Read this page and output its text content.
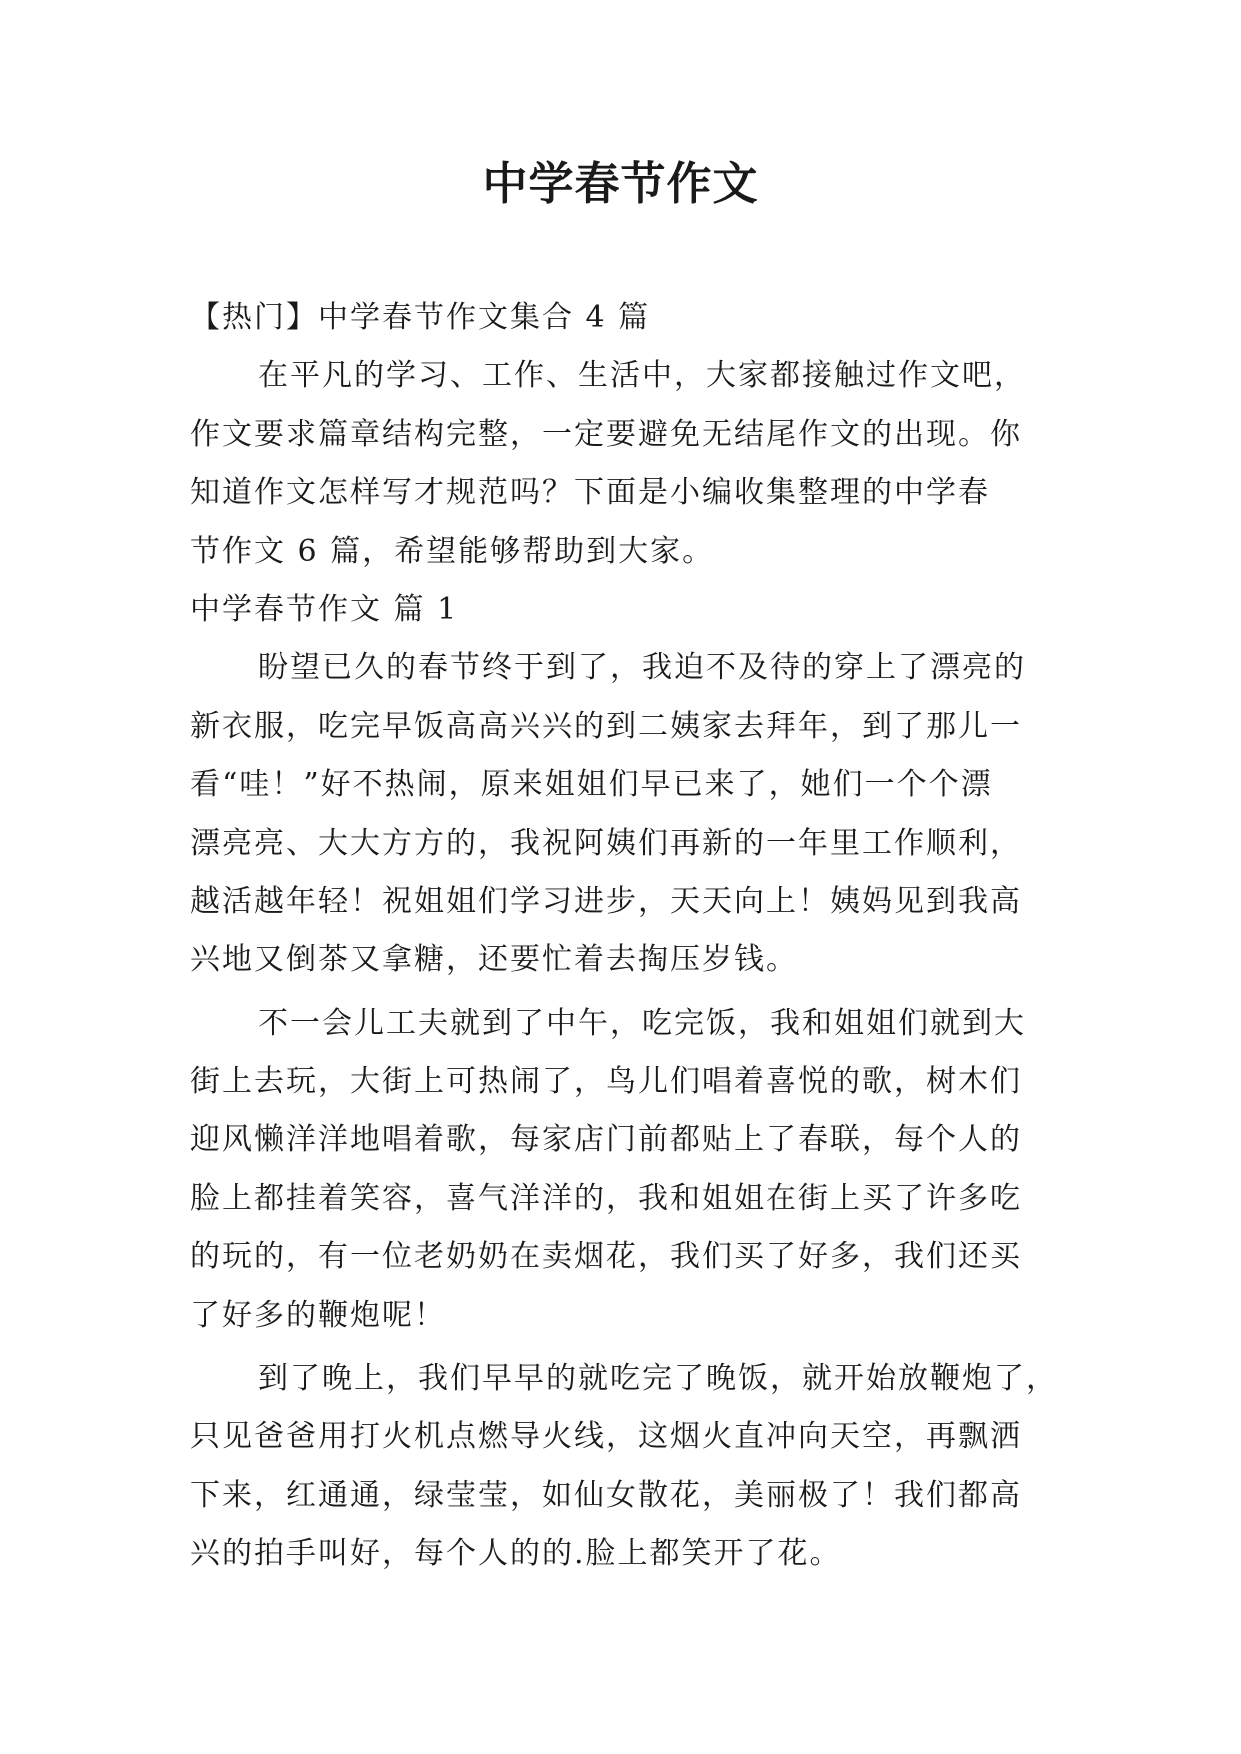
中学春节作文
【热门】中学春节作文集合 4 篇
在平凡的学习、工作、生活中，大家都接触过作文吧，
作文要求篇章结构完整，一定要避免无结尾作文的出现。你
知道作文怎样写才规范吗？下面是小编收集整理的中学春
节作文 6 篇，希望能够帮助到大家。
中学春节作文 篇 1
盼望已久的春节终于到了，我迫不及待的穿上了漂亮的
新衣服，吃完早饭高高兴兴的到二姨家去拜年，到了那儿一
看“哇！”好不热闹，原来姐姐们早已来了，她们一个个漂
漂亮亮、大大方方的，我祝阿姨们再新的一年里工作顺利，
越活越年轻！祝姐姐们学习进步，天天向上！姨妈见到我高
兴地又倒茶又拿糖，还要忙着去掏压岁钱。
不一会儿工夫就到了中午，吃完饭，我和姐姐们就到大
街上去玩，大街上可热闹了，鸟儿们唱着喜悦的歌，树木们
迎风懒洋洋地唱着歌，每家店门前都贴上了春联，每个人的
脸上都挂着笑容，喜气洋洋的，我和姐姐在街上买了许多吃
的玩的，有一位老奶奶在卖烟花，我们买了好多，我们还买
了好多的鞭炮呢！
到了晚上，我们早早的就吃完了晚饭，就开始放鞭炮了，
只见爸爸用打火机点燃导火线，这烟火直冲向天空，再飘洒
下来，红通通，绿莹莹，如仙女散花，美丽极了！我们都高
兴的拍手叫好，每个人的的.脸上都笑开了花。
